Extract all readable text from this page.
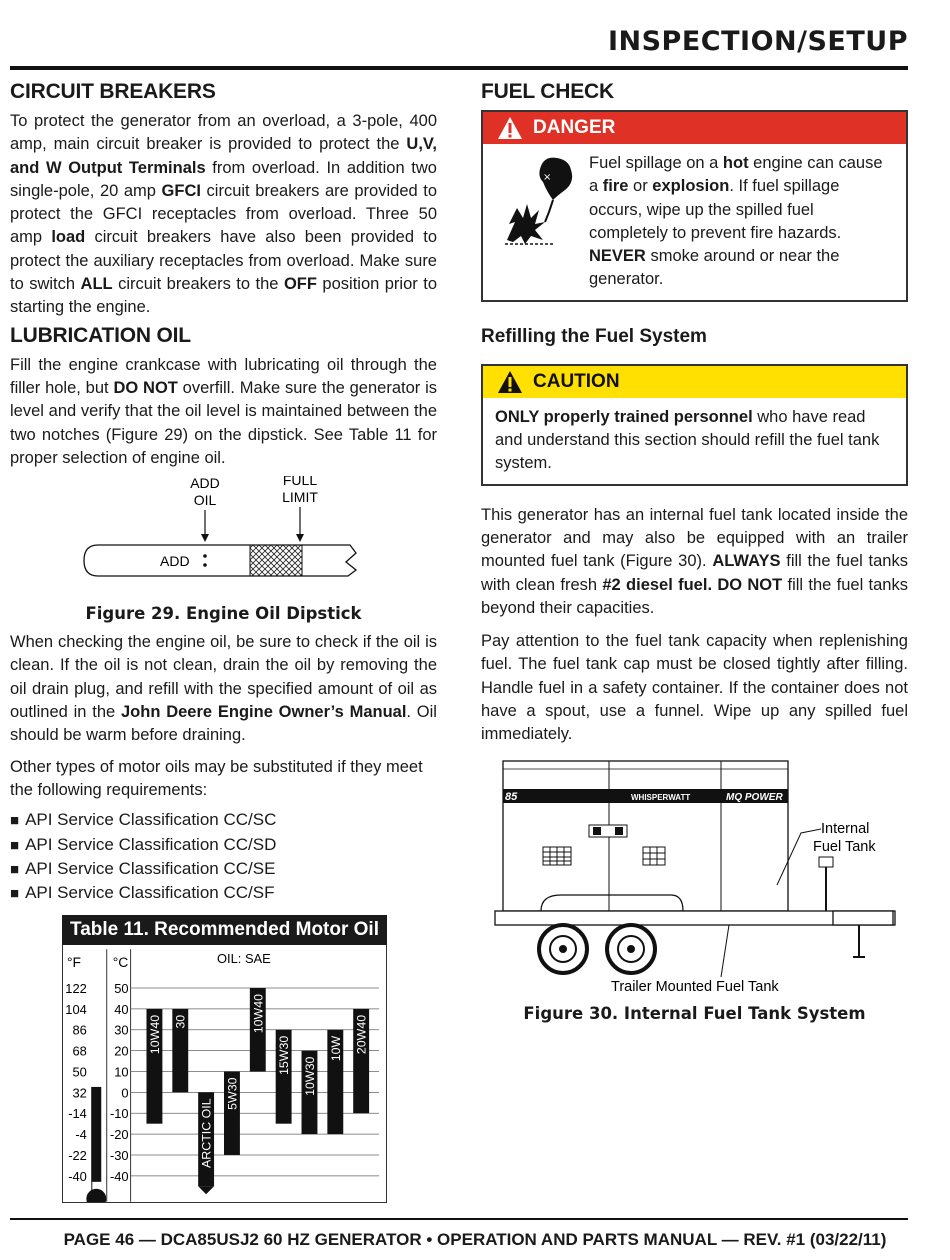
INSPECTION/SETUP
CIRCUIT BREAKERS

To protect the generator from an overload, a 3-pole, 400 amp, main circuit breaker is provided to protect the U,V, and W Output Terminals from overload. In addition two single-pole, 20 amp GFCI circuit breakers are provided to protect the GFCI receptacles from overload. Three 50 amp load circuit breakers have also been provided to protect the auxiliary receptacles from overload. Make sure to switch ALL circuit breakers to the OFF position prior to starting the engine.

LUBRICATION OIL

Fill the engine crankcase with lubricating oil through the filler hole, but DO NOT overfill. Make sure the generator is level and verify that the oil level is maintained between the two notches (Figure 29) on the dipstick. See Table 11 for proper selection of engine oil.

ADD
OIL
FULL
LIMIT
ADD
Figure 29. Engine Oil Dipstick

When checking the engine oil, be sure to check if the oil is clean. If the oil is not clean, drain the oil by removing the oil drain plug, and refill with the specified amount of oil as outlined in the John Deere Engine Owner’s Manual. Oil should be warm before draining.

Other types of motor oils may be substituted if they meet the following requirements:

■ API Service Classification CC/SC
■ API Service Classification CC/SD
■ API Service Classification CC/SE
■ API Service Classification CC/SF
Table 11. Recommended Motor Oil
°F °C	OIL: SAE
122
104
86
68
50
32
-14
-4
-22
-40
50
40
30
20
10
0
-10
-20
-30
-40
10W40 30
ARCTIC OIL
5W30
10W40
15W30
10W30
10W 20W40
FUEL CHECK
DANGER
×
Fuel spillage on a hot engine can cause a fire or explosion. If fuel spillage occurs, wipe up the spilled fuel completely to prevent fire hazards. NEVER smoke around or near the generator.
Refilling the Fuel System
CAUTION
ONLY properly trained personnel who have read and understand this section should refill the fuel tank system.

This generator has an internal fuel tank located inside the generator and may also be equipped with an trailer mounted fuel tank (Figure 30). ALWAYS fill the fuel tanks with clean fresh #2 diesel fuel. DO NOT fill the fuel tanks beyond their capacities.

Pay attention to the fuel tank capacity when replenishing fuel. The fuel tank cap must be closed tightly after filling. Handle fuel in a safety container. If the container does not have a spout, use a funnel. Wipe up any spilled fuel immediately.

85	WHISPERWATT	MQ POWER
Internal
Fuel Tank
Trailer Mounted Fuel Tank
Figure 30. Internal Fuel Tank System
PAGE 46 — DCA85USJ2 60 HZ GENERATOR • OPERATION AND PARTS MANUAL — REV. #1 (03/22/11)
